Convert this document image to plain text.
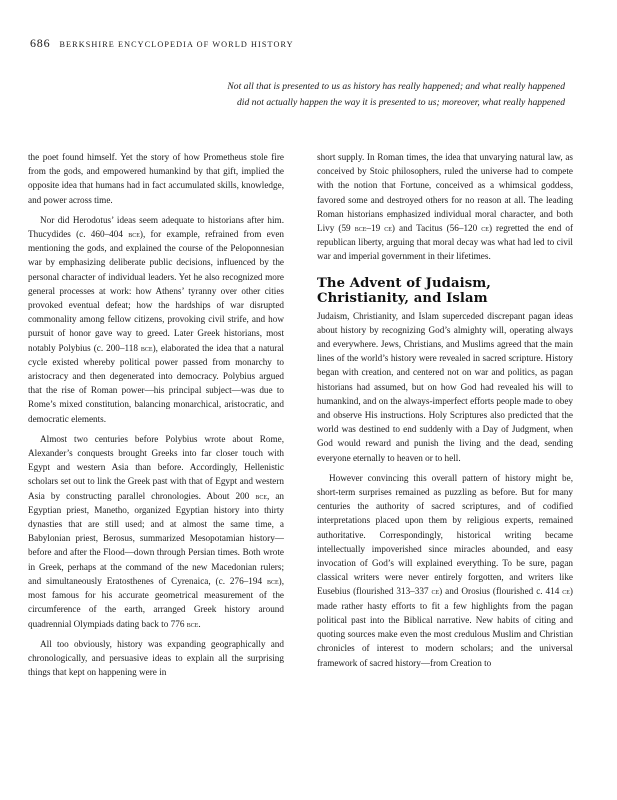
686 BERKSHIRE ENCYCLOPEDIA OF WORLD HISTORY
Not all that is presented to us as history has really happened; and what really happened
did not actually happen the way it is presented to us; moreover, what really happened

the poet found himself. Yet the story of how Prometheus stole fire from the gods, and empowered humankind by that gift, implied the opposite idea that humans had in fact accumulated skills, knowledge, and power across time.

Nor did Herodotus’ ideas seem adequate to historians after him. Thucydides (c. 460–404 bce), for example, refrained from even mentioning the gods, and explained the course of the Peloponnesian war by emphasizing deliberate public decisions, influenced by the personal character of individual leaders. Yet he also recognized more general processes at work: how Athens’ tyranny over other cities provoked eventual defeat; how the hardships of war disrupted commonality among fellow citizens, provoking civil strife, and how pursuit of honor gave way to greed. Later Greek historians, most notably Polybius (c. 200–118 bce), elaborated the idea that a natural cycle existed whereby political power passed from monarchy to aristocracy and then degenerated into democracy. Polybius argued that the rise of Roman power—his principal subject—was due to Rome’s mixed constitution, balancing monarchical, aristocratic, and democratic elements.

Almost two centuries before Polybius wrote about Rome, Alexander’s conquests brought Greeks into far closer touch with Egypt and western Asia than before. Accordingly, Hellenistic scholars set out to link the Greek past with that of Egypt and western Asia by constructing parallel chronologies. About 200 bce, an Egyptian priest, Manetho, organized Egyptian history into thirty dynasties that are still used; and at almost the same time, a Babylonian priest, Berosus, summarized Mesopotamian history—before and after the Flood—down through Persian times. Both wrote in Greek, perhaps at the command of the new Macedonian rulers; and simultaneously Eratosthenes of Cyrenaica, (c. 276–194 bce), most famous for his accurate geometrical measurement of the circumference of the earth, arranged Greek history around quadrennial Olympiads dating back to 776 bce.

All too obviously, history was expanding geographically and chronologically, and persuasive ideas to explain all the surprising things that kept on happening were in

short supply. In Roman times, the idea that unvarying natural law, as conceived by Stoic philosophers, ruled the universe had to compete with the notion that Fortune, conceived as a whimsical goddess, favored some and destroyed others for no reason at all. The leading Roman historians emphasized individual moral character, and both Livy (59 bce–19 ce) and Tacitus (56–120 ce) regretted the end of republican liberty, arguing that moral decay was what had led to civil war and imperial government in their lifetimes.

The Advent of Judaism, Christianity, and Islam

Judaism, Christianity, and Islam superceded discrepant pagan ideas about history by recognizing God’s almighty will, operating always and everywhere. Jews, Christians, and Muslims agreed that the main lines of the world’s history were revealed in sacred scripture. History began with creation, and centered not on war and politics, as pagan historians had assumed, but on how God had revealed his will to humankind, and on the always-imperfect efforts people made to obey and observe His instructions. Holy Scriptures also predicted that the world was destined to end suddenly with a Day of Judgment, when God would reward and punish the living and the dead, sending everyone eternally to heaven or to hell.

However convincing this overall pattern of history might be, short-term surprises remained as puzzling as before. But for many centuries the authority of sacred scriptures, and of codified interpretations placed upon them by religious experts, remained authoritative. Correspondingly, historical writing became intellectually impoverished since miracles abounded, and easy invocation of God’s will explained everything. To be sure, pagan classical writers were never entirely forgotten, and writers like Eusebius (flourished 313–337 ce) and Orosius (flourished c. 414 ce) made rather hasty efforts to fit a few highlights from the pagan political past into the Biblical narrative. New habits of citing and quoting sources make even the most credulous Muslim and Christian chronicles of interest to modern scholars; and the universal framework of sacred history—from Creation to
